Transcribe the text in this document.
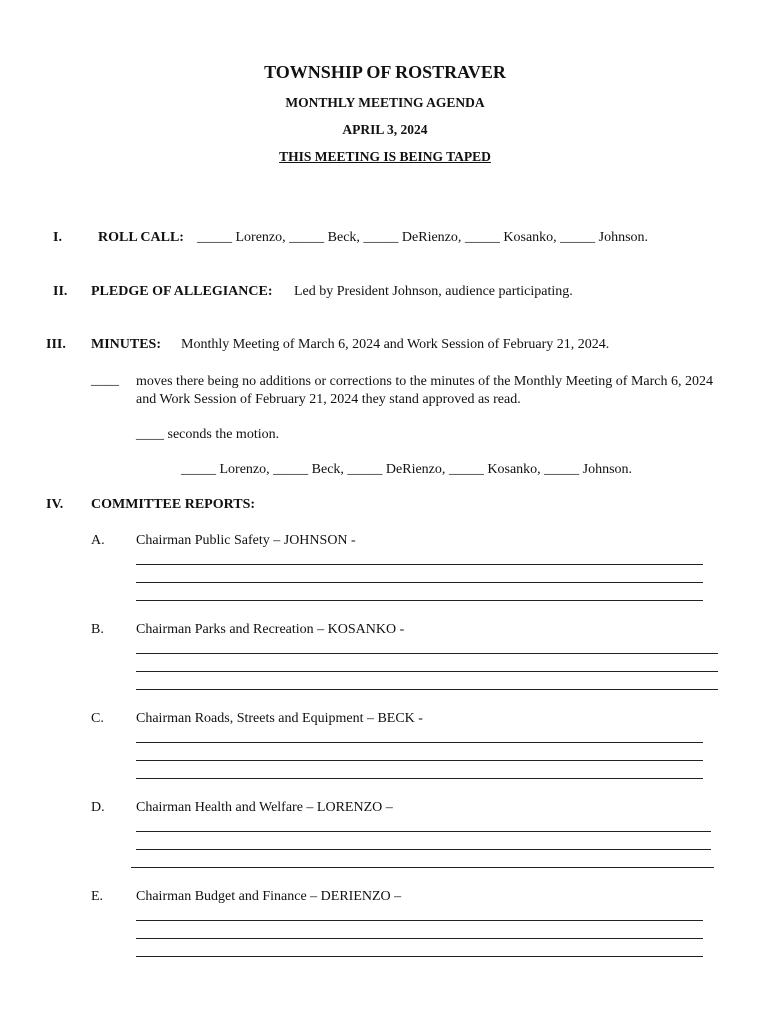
TOWNSHIP OF ROSTRAVER
MONTHLY MEETING AGENDA
APRIL 3, 2024
THIS MEETING IS BEING TAPED
I.	ROLL CALL: _____ Lorenzo, _____ Beck, _____ DeRienzo, _____ Kosanko, _____ Johnson.
II. PLEDGE OF ALLEGIANCE: Led by President Johnson, audience participating.
III. MINUTES: Monthly Meeting of March 6, 2024 and Work Session of February 21, 2024.
____ moves there being no additions or corrections to the minutes of the Monthly Meeting of March 6, 2024 and Work Session of February 21, 2024 they stand approved as read.
____ seconds the motion.
_____ Lorenzo, _____ Beck, _____ DeRienzo, _____ Kosanko, _____ Johnson.
IV. COMMITTEE REPORTS:
A. Chairman Public Safety – JOHNSON -
B. Chairman Parks and Recreation – KOSANKO -
C. Chairman Roads, Streets and Equipment – BECK -
D. Chairman Health and Welfare – LORENZO –
E. Chairman Budget and Finance – DERIENZO –
